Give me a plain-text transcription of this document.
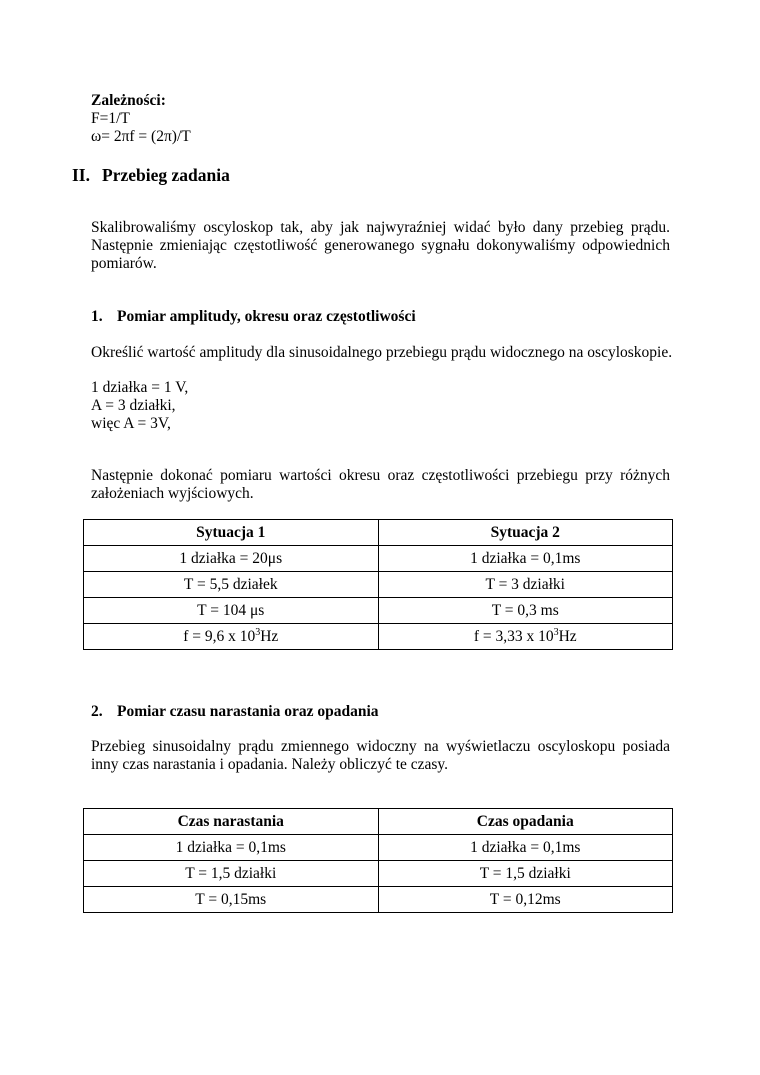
Zależności:
F=1/T
ω= 2πf = (2π)/T
II. Przebieg zadania
Skalibrowaliśmy oscyloskop tak, aby jak najwyraźniej widać było dany przebieg prądu. Następnie zmieniając częstotliwość generowanego sygnału dokonywaliśmy odpowiednich pomiarów.
1. Pomiar amplitudy, okresu oraz częstotliwości
Określić wartość amplitudy dla sinusoidalnego przebiegu prądu widocznego na oscyloskopie.
1 działka = 1 V,
A = 3 działki,
więc A = 3V,
Następnie dokonać pomiaru wartości okresu oraz częstotliwości przebiegu przy różnych założeniach wyjściowych.
Sytuacja 1	Sytuacja 2
1 działka = 20μs	1 działka = 0,1ms
T = 5,5 działek	T = 3 działki
T = 104 μs	T = 0,3 ms
f = 9,6 x $10^3Hz$	f = 3,33 x $10^3Hz$
2. Pomiar czasu narastania oraz opadania
Przebieg sinusoidalny prądu zmiennego widoczny na wyświetlaczu oscyloskopu posiada inny czas narastania i opadania. Należy obliczyć te czasy.
Czas narastania	Czas opadania
1 działka = 0,1ms	1 działka = 0,1ms
T = 1,5 działki	T = 1,5 działki
T = 0,15ms	T = 0,12ms
